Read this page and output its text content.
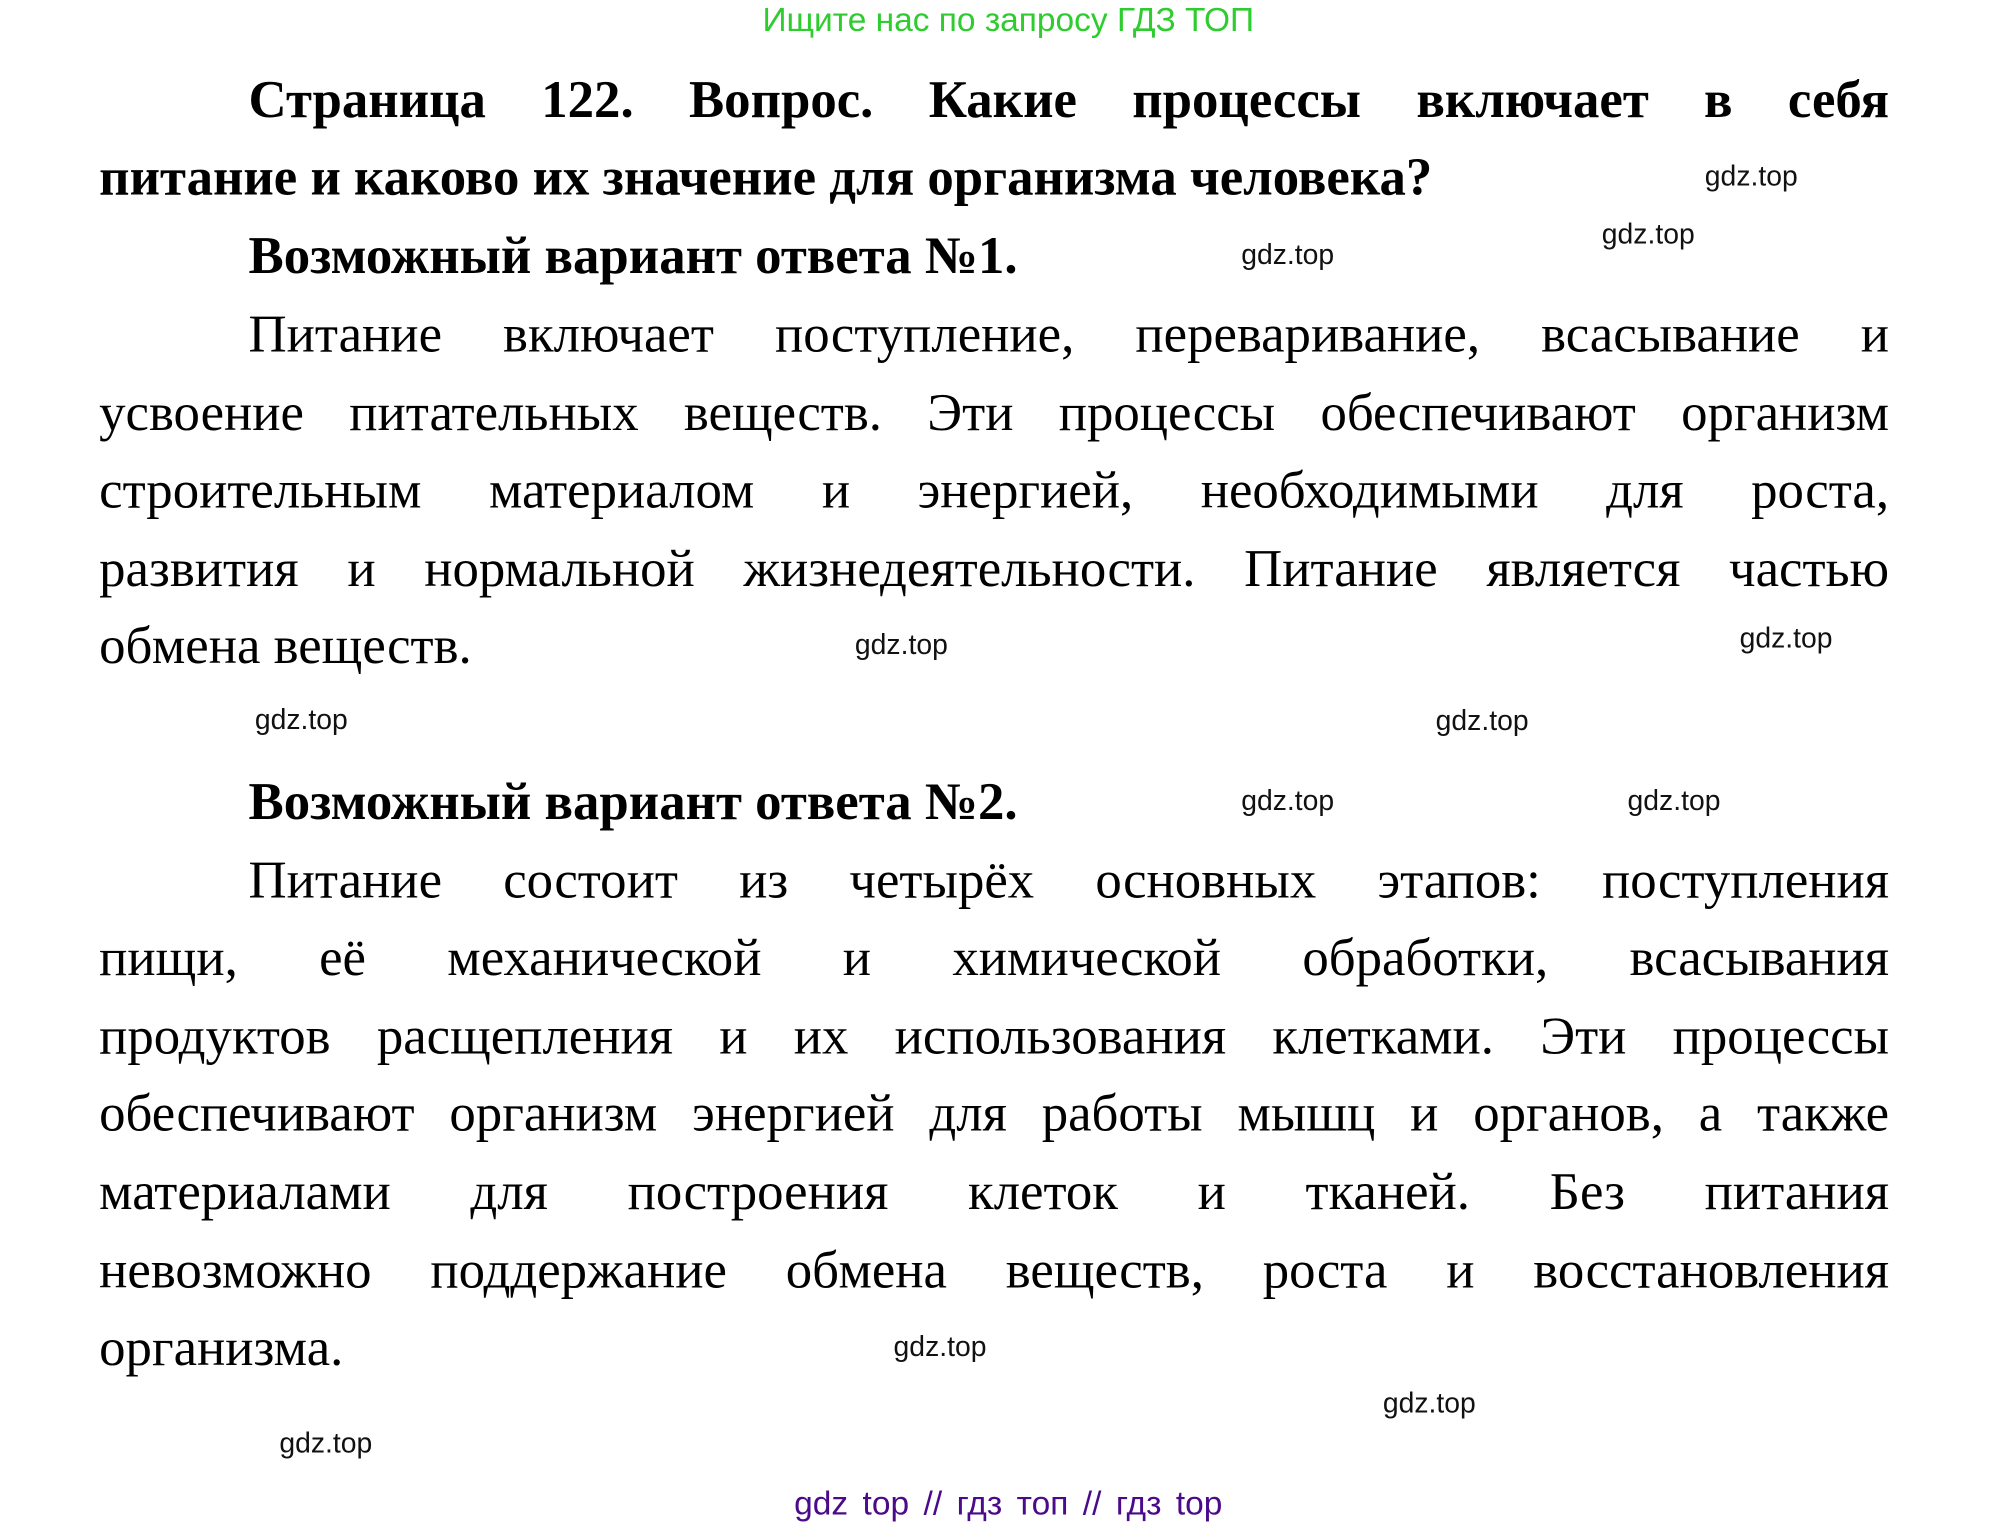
Ищите нас по запросу ГДЗ ТОП
Страница 122. Вопрос. Какие процессы включает в себя
питание и каково их значение для организма человека?
Возможный вариант ответа №1.
Питание включает поступление, переваривание, всасывание и
усвоение питательных веществ. Эти процессы обеспечивают организм
строительным материалом и энергией, необходимыми для роста,
развития и нормальной жизнедеятельности. Питание является частью
обмена веществ.
Возможный вариант ответа №2.
Питание состоит из четырёх основных этапов: поступления
пищи, её механической и химической обработки, всасывания
продуктов расщепления и их использования клетками. Эти процессы
обеспечивают организм энергией для работы мышц и органов, а также
материалами для построения клеток и тканей. Без питания
невозможно поддержание обмена веществ, роста и восстановления
организма.
gdz.top
gdz.top
gdz.top
gdz.top
gdz.top
gdz.top
gdz.top
gdz.top	gdz.top
gdz.top
gdz.top
gdz.top
gdz top // гдз топ // гдз top
